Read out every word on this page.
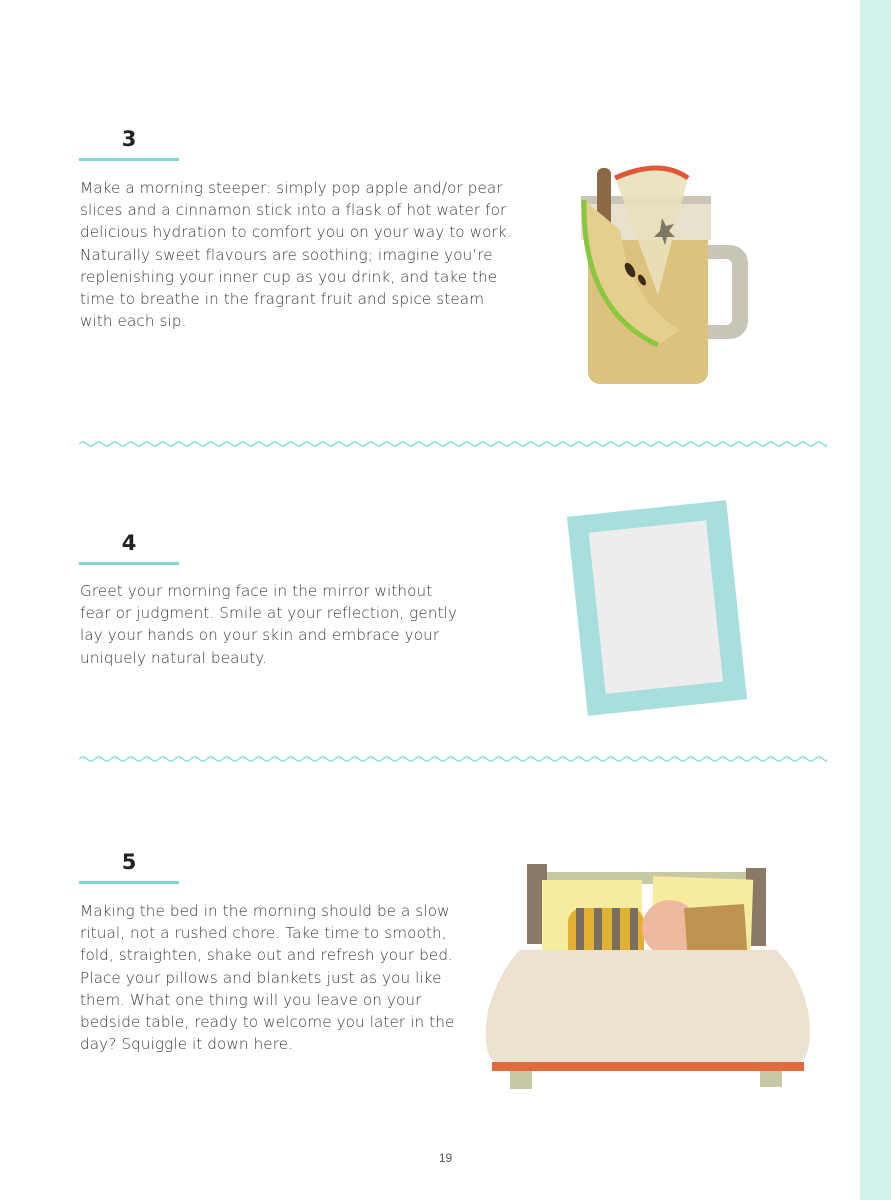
3

Make a morning steeper: simply pop apple and/or pear slices and a cinnamon stick into a flask of hot water for delicious hydration to comfort you on your way to work. Naturally sweet flavours are soothing; imagine you’re replenishing your inner cup as you drink, and take the time to breathe in the fragrant fruit and spice steam with each sip.

4

Greet your morning face in the mirror without fear or judgment. Smile at your reflection, gently lay your hands on your skin and embrace your uniquely natural beauty.

5

Making the bed in the morning should be a slow ritual, not a rushed chore. Take time to smooth, fold, straighten, shake out and refresh your bed. Place your pillows and blankets just as you like them. What one thing will you leave on your bedside table, ready to welcome you later in the day? Squiggle it down here.

19
